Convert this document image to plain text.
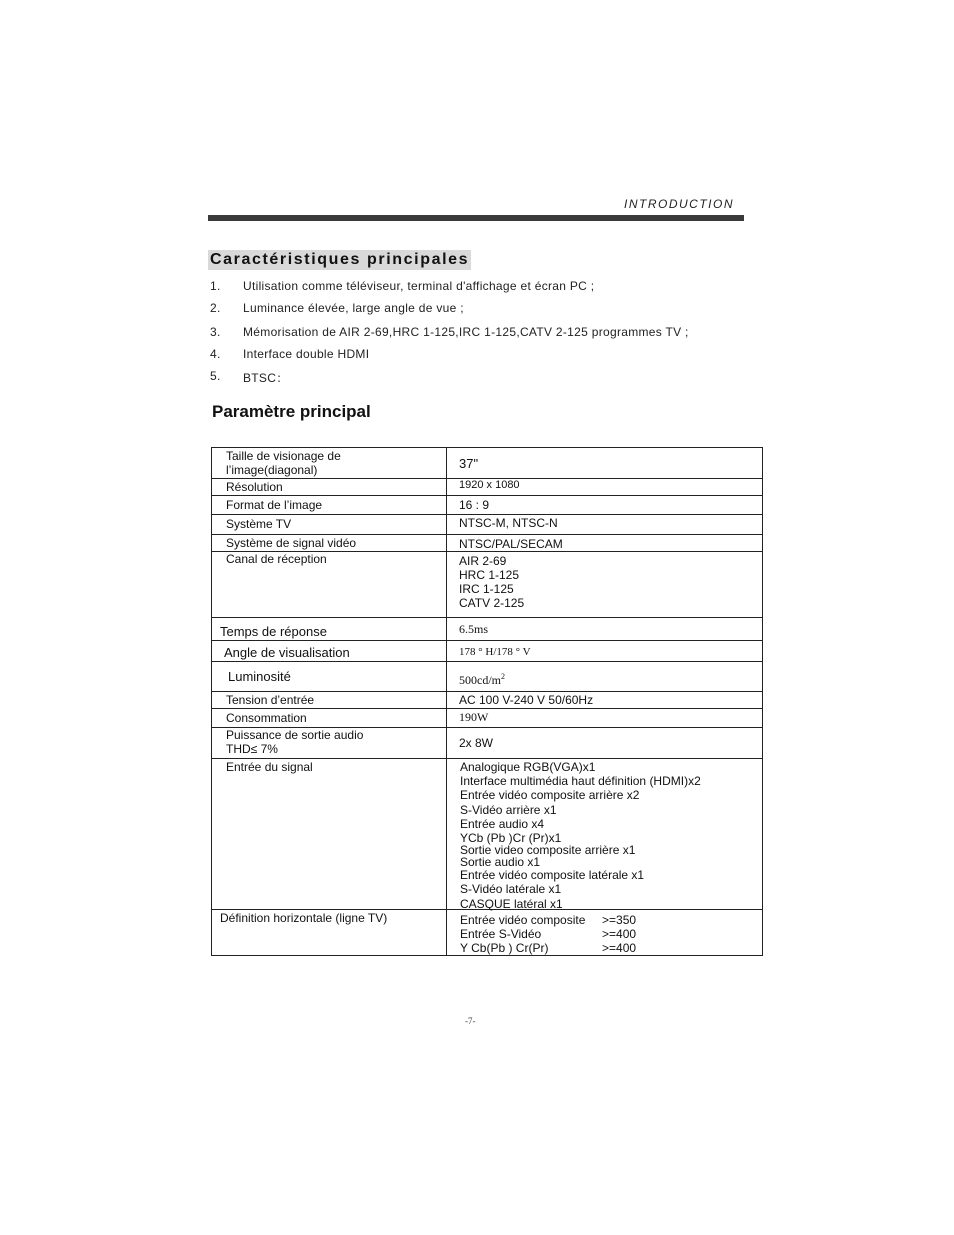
INTRODUCTION
Caractéristiques principales
1. Utilisation comme téléviseur, terminal d'affichage et écran PC ;
2. Luminance élevée, large angle de vue ;
3. Mémorisation de AIR 2-69,HRC 1-125,IRC 1-125,CATV 2-125 programmes TV ;
4. Interface double HDMI
5. BTSC：
Paramètre principal
Taille de visionage de
l’image(diagonal)	37"
Résolution	1920 x 1080
Format de l’image	16 : 9
Système TV	NTSC-M, NTSC-N
Système de signal vidéo	NTSC/PAL/SECAM
Canal de réception	AIR 2-69
HRC 1-125
IRC 1-125
CATV 2-125
Temps de réponse	6.5ms
Angle de visualisation	178 ° H/178 ° V
Luminosité	$500cd/m^2$
Tension d’entrée	AC 100 V-240 V 50/60Hz
Consommation	190W
Puissance de sortie audio
TH⁠D≤ 7%	2x 8W
Entrée du signal	Analogique RGB(VGA)x1
Interface multimédia haut définition (HDMI)x2
Entrée vidéo composite arrière x2
S-Vidéo arrière x1
Entrée audio x4
YCb (Pb )Cr (Pr)x1
Sortie video composite arrière x1
Sortie audio x1
Entrée vidéo composite latérale x1
S-Vidéo latérale x1
CASQUE latéral x1
Définition horizontale (ligne TV)	Entrée vidéo composite	>=350
Entrée S-Vidéo	>=400
Y Cb(Pb ) Cr(Pr)	>=400
-7-
